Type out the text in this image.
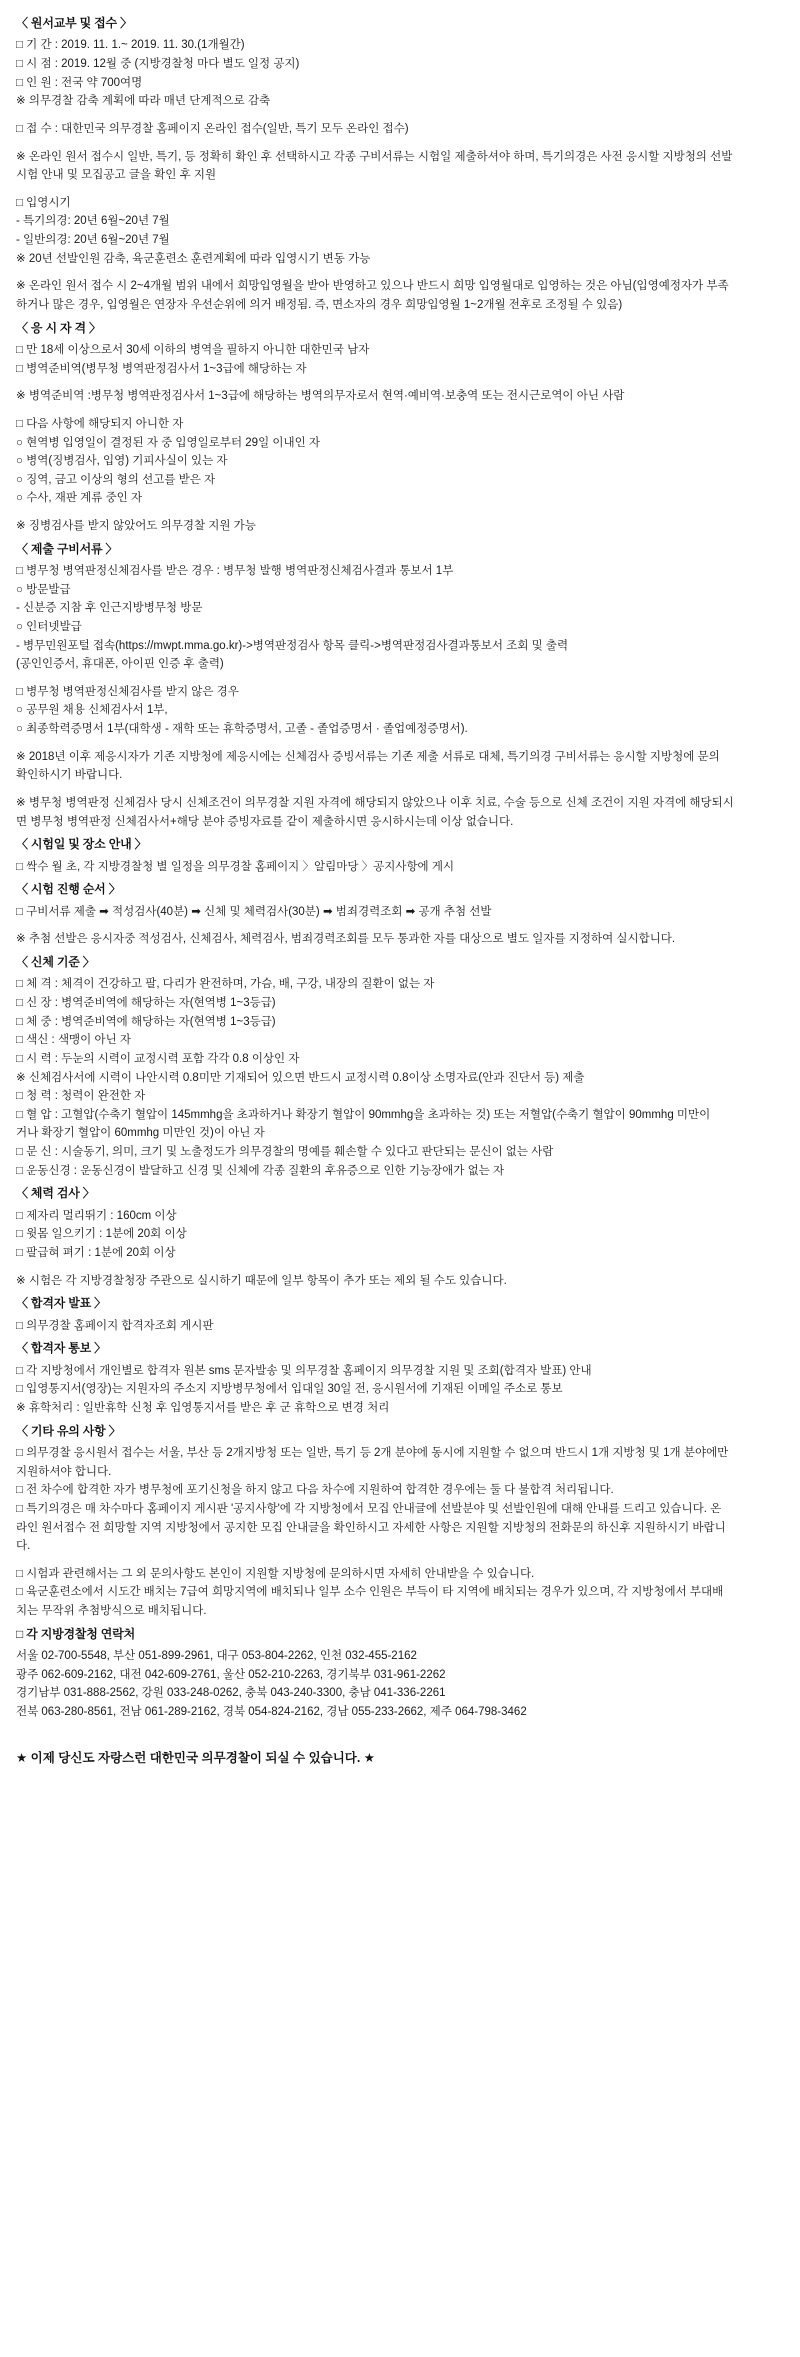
〈 원서교부 및 접수 〉
□ 기 간 : 2019. 11. 1.~ 2019. 11. 30.(1개월간)
□ 시 점 : 2019. 12월 중 (지방경찰청 마다 별도 일정 공지)
□ 인 원 : 전국 약 700여명
※ 의무경찰 감축 계획에 따라 매년 단계적으로 감축
□ 접 수 : 대한민국 의무경찰 홈페이지 온라인 접수(일반, 특기 모두 온라인 접수)
※ 온라인 원서 접수시 일반, 특기, 등 정확히 확인 후 선택하시고 각종 구비서류는 시험일 제출하셔야 하며, 특기의경은 사전 응시할 지방청의 선발
시험 안내 및 모집공고 글을 확인 후 지원
□ 입영시기
- 특기의경: 20년 6월~20년 7월
- 일반의경: 20년 6월~20년 7월
※ 20년 선발인원 감축, 육군훈련소 훈련계획에 따라 입영시기 변동 가능
※ 온라인 원서 접수 시 2~4개월 범위 내에서 희망입영월을 받아 반영하고 있으나 반드시 희망 입영월대로 입영하는 것은 아님(입영예정자가 부족
하거나 많은 경우, 입영월은 연장자 우선순위에 의거 배정됨. 즉, 면소자의 경우 희망입영월 1~2개월 전후로 조정될 수 있음)
〈 응 시 자 격 〉
□ 만 18세 이상으로서 30세 이하의 병역을 필하지 아니한 대한민국 남자
□ 병역준비역(병무청 병역판정검사서 1~3급에 해당하는 자
※ 병역준비역 :병무청 병역판정검사서 1~3급에 해당하는 병역의무자로서 현역·예비역·보충역 또는 전시근로역이 아닌 사람
□ 다음 사항에 해당되지 아니한 자
○ 현역병 입영일이 결정된 자 중 입영일로부터 29일 이내인 자
○ 병역(징병검사, 입영) 기피사실이 있는 자
○ 징역, 금고 이상의 형의 선고를 받은 자
○ 수사, 재판 계류 중인 자
※ 징병검사를 받지 않았어도 의무경찰 지원 가능
〈 제출 구비서류 〉
□ 병무청 병역판정신체검사를 받은 경우 : 병무청 발행 병역판정신체검사결과 통보서 1부
○ 방문발급
- 신분증 지참 후 인근지방병무청 방문
○ 인터넷발급
- 병무민원포털 접속(https://mwpt.mma.go.kr)->병역판정검사 항목 클릭->병역판정검사결과통보서 조회 및 출력
(공인인증서, 휴대폰, 아이핀 인증 후 출력)
□ 병무청 병역판정신체검사를 받지 않은 경우
○ 공무원 채용 신체검사서 1부,
○ 최종학력증명서 1부(대학생 - 재학 또는 휴학증명서, 고졸 - 졸업증명서 · 졸업예정증명서).
※ 2018년 이후 제응시자가 기존 지방청에 제응시에는 신체검사 증빙서류는 기존 제출 서류로 대체, 특기의경 구비서류는 응시할 지방청에 문의
확인하시기 바랍니다.
※ 병무청 병역판정 신체검사 당시 신체조건이 의무경찰 지원 자격에 해당되지 않았으나 이후 치료, 수술 등으로 신체 조건이 지원 자격에 해당되시
면 병무청 병역판정 신체검사서+해당 분야 증빙자료를 같이 제출하시면 응시하시는데 이상 없습니다.
〈 시험일 및 장소 안내 〉
□ 싹수 월 초, 각 지방경찰청 별 일정을 의무경찰 홈페이지 〉알림마당 〉공지사항에 게시
〈 시험 진행 순서 〉
□ 구비서류 제출 ➡ 적성검사(40분) ➡ 신체 및 체력검사(30분) ➡ 범죄경력조회 ➡ 공개 추첨 선발
※ 추첨 선발은 응시자중 적성검사, 신체검사, 체력검사, 범죄경력조회를 모두 통과한 자를 대상으로 별도 일자를 지정하여 실시합니다.
〈 신체 기준 〉
□ 체 격 : 체격이 건강하고 팔, 다리가 완전하며, 가슴, 배, 구강, 내장의 질환이 없는 자
□ 신 장 : 병역준비역에 해당하는 자(현역병 1~3등급)
□ 체 중 : 병역준비역에 해당하는 자(현역병 1~3등급)
□ 색신 : 색맹이 아닌 자
□ 시 력 : 두눈의 시력이 교정시력 포함 각각 0.8 이상인 자
※ 신체검사서에 시력이 나안시력 0.8미만 기재되어 있으면 반드시 교정시력 0.8이상 소명자료(안과 진단서 등) 제출
□ 청 력 : 청력이 완전한 자
□ 혈 압 : 고혈압(수축기 혈압이 145mmhg을 초과하거나 확장기 혈압이 90mmhg을 초과하는 것) 또는 저혈압(수축기 혈압이 90mmhg 미만이
거나 확장기 혈압이 60mmhg 미만인 것)이 아닌 자
□ 문 신 : 시술동기, 의미, 크기 및 노출정도가 의무경찰의 명예를 훼손할 수 있다고 판단되는 문신이 없는 사람
□ 운동신경 : 운동신경이 발달하고 신경 및 신체에 각종 질환의 후유증으로 인한 기능장애가 없는 자
〈 체력 검사 〉
□ 제자리 멀리뛰기 : 160cm 이상
□ 윗몸 일으키기 : 1분에 20회 이상
□ 팔급혀 펴기 : 1분에 20회 이상
※ 시험은 각 지방경찰청장 주관으로 실시하기 때문에 일부 항목이 추가 또는 제외 될 수도 있습니다.
〈 합격자 발표 〉
□ 의무경찰 홈페이지 합격자조회 게시판
〈 합격자 통보 〉
□ 각 지방청에서 개인별로 합격자 원본 sms 문자발송 및 의무경찰 홈페이지 의무경찰 지원 및 조회(합격자 발표) 안내
□ 입영통지서(영장)는 지원자의 주소지 지방병무청에서 입대일 30일 전, 응시원서에 기재된 이메일 주소로 통보
※ 휴학처리 : 일반휴학 신청 후 입영통지서를 받은 후 군 휴학으로 변경 처리
〈 기타 유의 사항 〉
□ 의무경찰 응시원서 접수는 서울, 부산 등 2개지방청 또는 일반, 특기 등 2개 분야에 동시에 지원할 수 없으며 반드시 1개 지방청 및 1개 분야에만
지원하셔야 합니다.
□ 전 차수에 합격한 자가 병무청에 포기신청을 하지 않고 다음 차수에 지원하여 합격한 경우에는 둘 다 불합격 처리됩니다.
□ 특기의경은 매 차수마다 홈페이지 게시판 '공지사항'에 각 지방청에서 모집 안내글에 선발분야 및 선발인원에 대해 안내를 드리고 있습니다. 온
라인 원서접수 전 희망할 지역 지방청에서 공지한 모집 안내글을 확인하시고 자세한 사항은 지원할 지방청의 전화문의 하신후 지원하시기 바랍니
다.
□ 시험과 관련해서는 그 외 문의사항도 본인이 지원할 지방청에 문의하시면 자세히 안내받을 수 있습니다.
□ 육군훈련소에서 시도간 배치는 7급여 희망지역에 배치되나 일부 소수 인원은 부득이 타 지역에 배치되는 경우가 있으며, 각 지방청에서 부대배
치는 무작위 추첨방식으로 배치됩니다.
□ 각 지방경찰청 연락처
서울 02-700-5548, 부산 051-899-2961, 대구 053-804-2262, 인천 032-455-2162
광주 062-609-2162, 대전 042-609-2761, 울산 052-210-2263, 경기북부 031-961-2262
경기남부 031-888-2562, 강원 033-248-0262, 충북 043-240-3300, 충남 041-336-2261
전북 063-280-8561, 전남 061-289-2162, 경북 054-824-2162, 경남 055-233-2662, 제주 064-798-3462
★ 이제 당신도 자랑스런 대한민국 의무경찰이 되실 수 있습니다. ★
